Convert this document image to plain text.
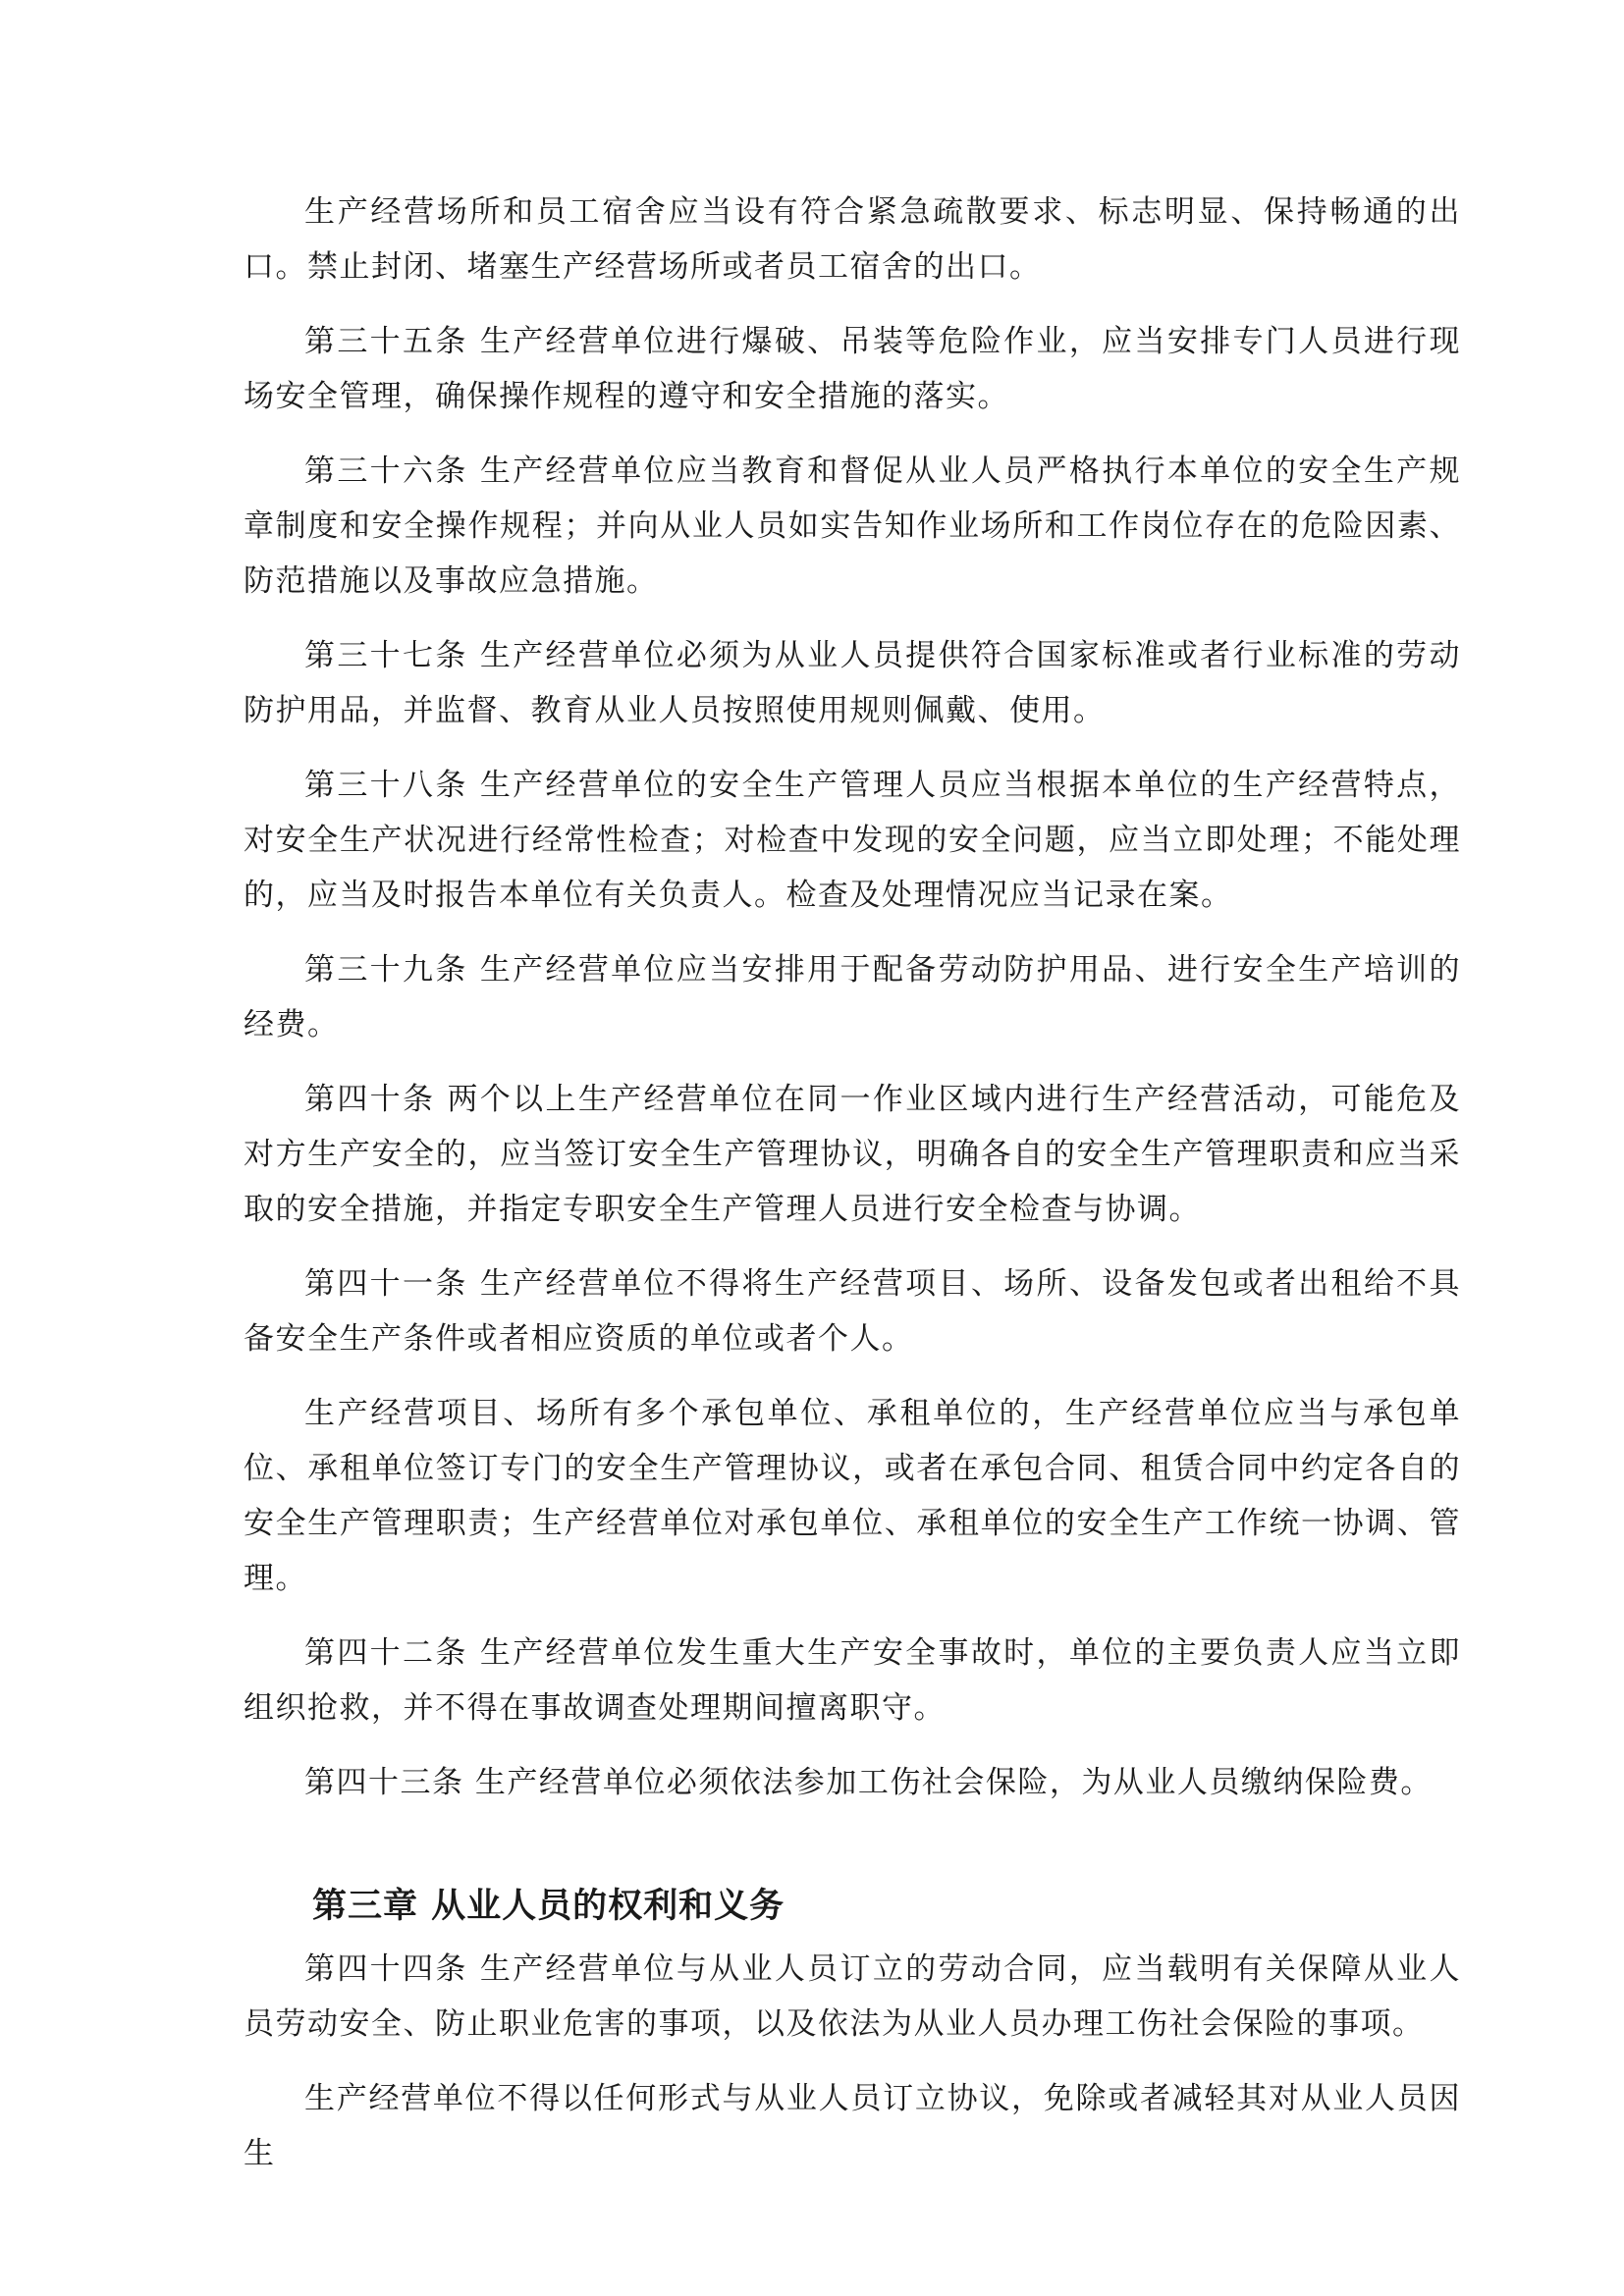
生产经营场所和员工宿舍应当设有符合紧急疏散要求、标志明显、保持畅通的出口。禁止封闭、堵塞生产经营场所或者员工宿舍的出口。

第三十五条 生产经营单位进行爆破、吊装等危险作业，应当安排专门人员进行现场安全管理，确保操作规程的遵守和安全措施的落实。

第三十六条 生产经营单位应当教育和督促从业人员严格执行本单位的安全生产规章制度和安全操作规程；并向从业人员如实告知作业场所和工作岗位存在的危险因素、防范措施以及事故应急措施。

第三十七条 生产经营单位必须为从业人员提供符合国家标准或者行业标准的劳动防护用品，并监督、教育从业人员按照使用规则佩戴、使用。

第三十八条 生产经营单位的安全生产管理人员应当根据本单位的生产经营特点，对安全生产状况进行经常性检查；对检查中发现的安全问题，应当立即处理；不能处理的，应当及时报告本单位有关负责人。检查及处理情况应当记录在案。

第三十九条 生产经营单位应当安排用于配备劳动防护用品、进行安全生产培训的经费。

第四十条 两个以上生产经营单位在同一作业区域内进行生产经营活动，可能危及对方生产安全的，应当签订安全生产管理协议，明确各自的安全生产管理职责和应当采取的安全措施，并指定专职安全生产管理人员进行安全检查与协调。

第四十一条 生产经营单位不得将生产经营项目、场所、设备发包或者出租给不具备安全生产条件或者相应资质的单位或者个人。

生产经营项目、场所有多个承包单位、承租单位的，生产经营单位应当与承包单位、承租单位签订专门的安全生产管理协议，或者在承包合同、租赁合同中约定各自的安全生产管理职责；生产经营单位对承包单位、承租单位的安全生产工作统一协调、管理。

第四十二条 生产经营单位发生重大生产安全事故时，单位的主要负责人应当立即组织抢救，并不得在事故调查处理期间擅离职守。

第四十三条 生产经营单位必须依法参加工伤社会保险，为从业人员缴纳保险费。

第三章 从业人员的权利和义务

第四十四条 生产经营单位与从业人员订立的劳动合同，应当载明有关保障从业人员劳动安全、防止职业危害的事项，以及依法为从业人员办理工伤社会保险的事项。

生产经营单位不得以任何形式与从业人员订立协议，免除或者减轻其对从业人员因生
